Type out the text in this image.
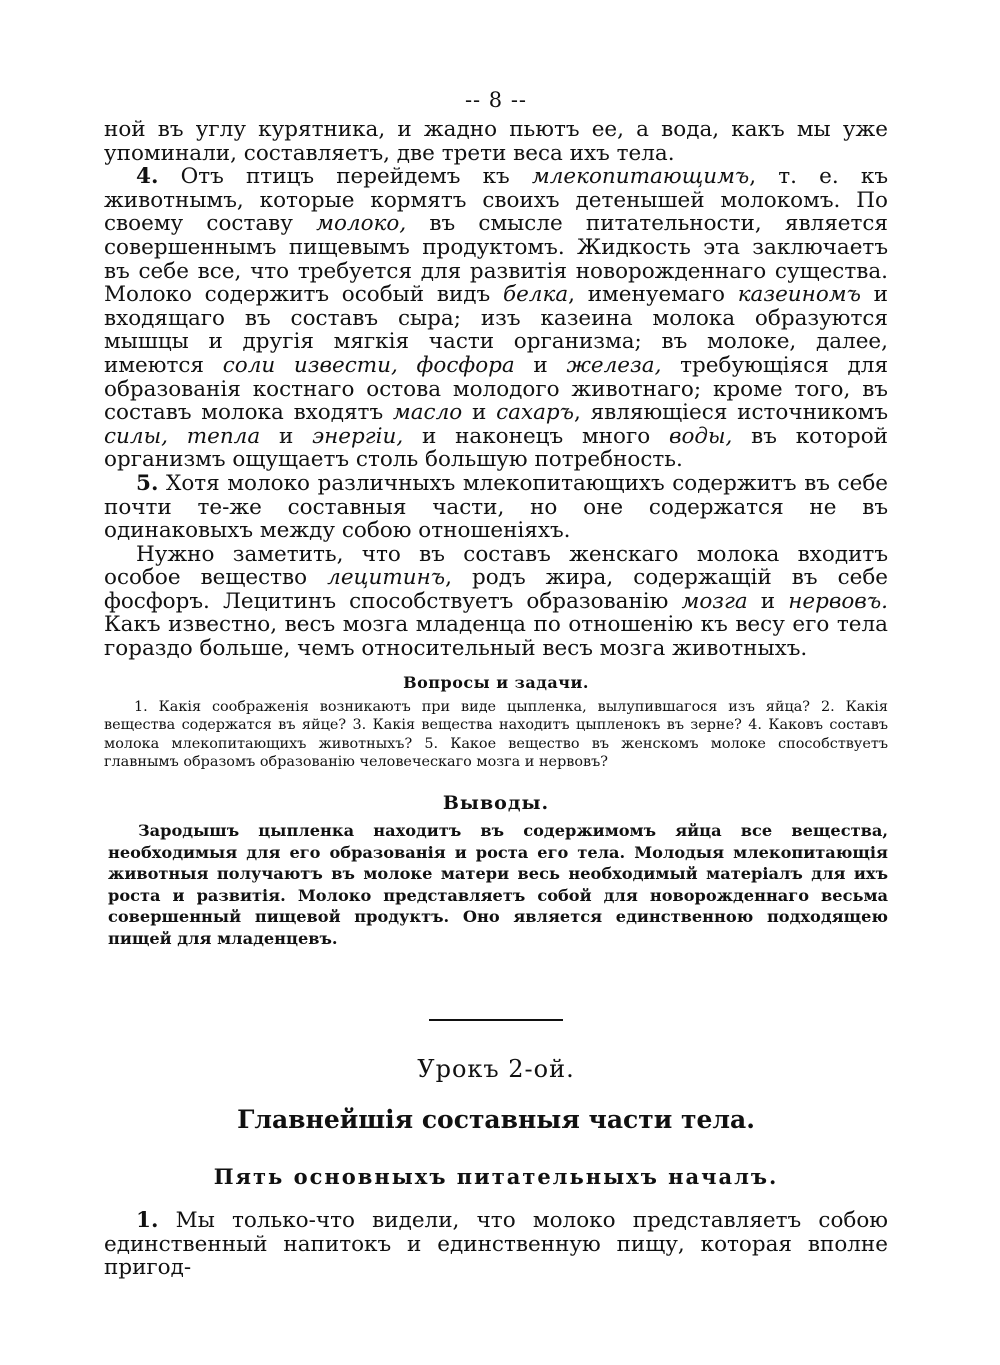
-- 8 --

ной въ углу курятника, и жадно пьютъ ее, а вода, какъ мы уже упоминали, составляетъ, две трети веса ихъ тела.

4. Отъ птицъ перейдемъ къ млекопитающимъ, т. е. къ животнымъ, которые кормятъ своихъ детенышей молокомъ. По своему составу молоко, въ смысле питательности, является совершеннымъ пищевымъ продуктомъ. Жидкость эта заключаетъ въ себе все, что требуется для развитія новорожденнаго существа. Молоко содержитъ особый видъ белка, именуемаго казеиномъ и входящаго въ составъ сыра; изъ казеина молока образуются мышцы и другія мягкія части организма; въ молоке, далее, имеются соли извести, фосфора и железа, требующіяся для образованія костнаго остова молодого животнаго; кроме того, въ составъ молока входятъ масло и сахаръ, являющіеся источникомъ силы, тепла и энергіи, и наконецъ много воды, въ которой организмъ ощущаетъ столь большую потребность.

5. Хотя молоко различныхъ млекопитающихъ содержитъ въ себе почти те-же составныя части, но оне содержатся не въ одинаковыхъ между собою отношеніяхъ.

Нужно заметить, что въ составъ женскаго молока входитъ особое вещество лецитинъ, родъ жира, содержащій въ себе фосфоръ. Лецитинъ способствуетъ образованію мозга и нервовъ. Какъ известно, весъ мозга младенца по отношенію къ весу его тела гораздо больше, чемъ относительный весъ мозга животныхъ.

Вопросы и задачи.

1. Какія соображенія возникаютъ при виде цыпленка, вылупившагося изъ яйца? 2. Какія вещества содержатся въ яйце? 3. Какія вещества находитъ цыпленокъ въ зерне? 4. Каковъ составъ молока млекопитающихъ животныхъ? 5. Какое вещество въ женскомъ молоке способствуетъ главнымъ образомъ образованію человеческаго мозга и нервовъ?

Выводы.

Зародышъ цыпленка находитъ въ содержимомъ яйца все вещества, необходимыя для его образованія и роста его тела. Молодыя млекопитающія животныя получаютъ въ молоке матери весь необходимый матеріалъ для ихъ роста и развитія. Молоко представляетъ собой для новорожденнаго весьма совершенный пищевой продуктъ. Оно является единственною подходящею пищей для младенцевъ.

Урокъ 2-ой.
Главнейшія составныя части тела.
Пять основныхъ питательныхъ началъ.

1. Мы только-что видели, что молоко представляетъ собою единственный напитокъ и единственную пищу, которая вполне пригод-
